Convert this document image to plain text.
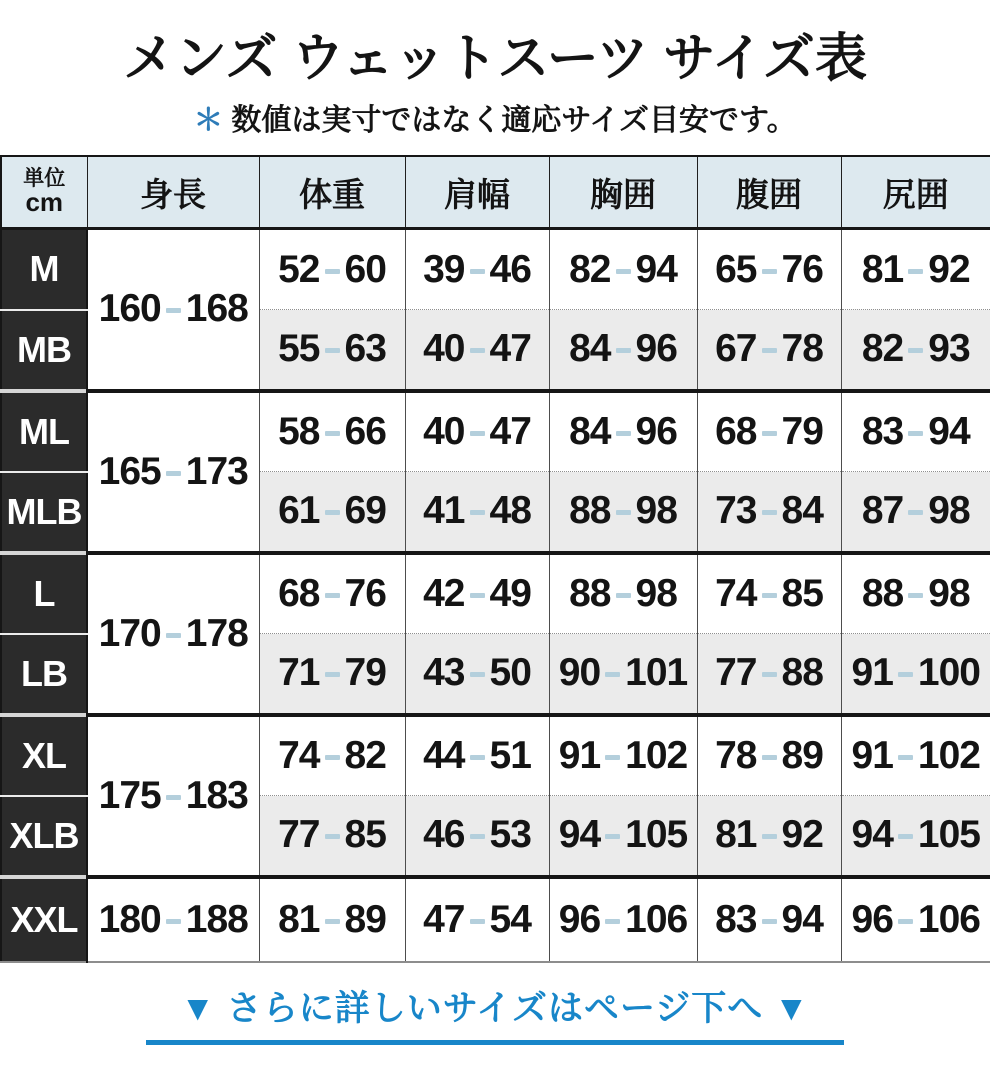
メンズ ウェットスーツ サイズ表

＊ 数値は実寸ではなく適応サイズ目安です。

単位
cm	身長	体重	肩幅	胸囲	腹囲	尻囲
M	160 168	52 60	39 46	82 94	65 76	81 92
MB		55 63	40 47	84 96	67 78	82 93
ML	165 173	58 66	40 47	84 96	68 79	83 94
MLB		61 69	41 48	88 98	73 84	87 98
L	170 178	68 76	42 49	88 98	74 85	88 98
LB		71 79	43 50	90 101	77 88	91 100
XL	175 183	74 82	44 51	91 102	78 89	91 102
XLB		77 85	46 53	94 105	81 92	94 105
XXL	180 188	81 89	47 54	96 106	83 94	96 106
▼ さらに詳しいサイズはページ下へ ▼
